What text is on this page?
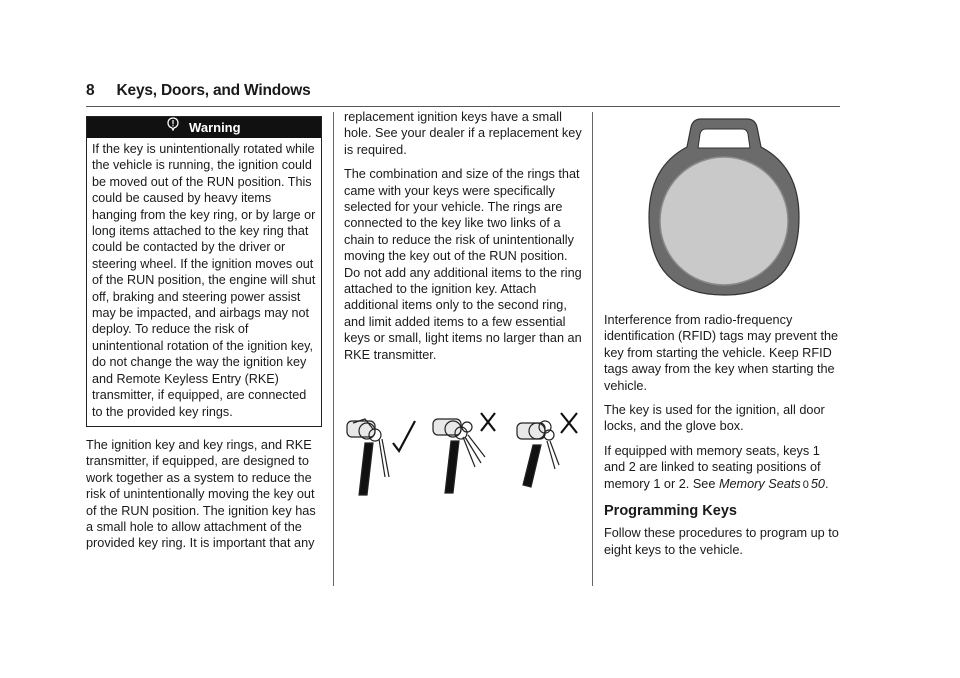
8 Keys, Doors, and Windows
Warning
If the key is unintentionally rotated while the vehicle is running, the ignition could be moved out of the RUN position. This could be caused by heavy items hanging from the key ring, or by large or long items attached to the key ring that could be contacted by the driver or steering wheel. If the ignition moves out of the RUN position, the engine will shut off, braking and steering power assist may be impacted, and airbags may not deploy. To reduce the risk of unintentional rotation of the ignition key, do not change the way the ignition key and Remote Keyless Entry (RKE) transmitter, if equipped, are connected to the provided key rings.

The ignition key and key rings, and RKE transmitter, if equipped, are designed to work together as a system to reduce the risk of unintentionally moving the key out of the RUN position. The ignition key has a small hole to allow attachment of the provided key ring. It is important that any

replacement ignition keys have a small hole. See your dealer if a replacement key is required.

The combination and size of the rings that came with your keys were specifically selected for your vehicle. The rings are connected to the key like two links of a chain to reduce the risk of unintentionally moving the key out of the RUN position. Do not add any additional items to the ring attached to the ignition key. Attach additional items only to the second ring, and limit added items to a few essential keys or small, light items no larger than an RKE transmitter.

Interference from radio-frequency identification (RFID) tags may prevent the key from starting the vehicle. Keep RFID tags away from the key when starting the vehicle.

The key is used for the ignition, all door locks, and the glove box.

If equipped with memory seats, keys 1 and 2 are linked to seating positions of memory 1 or 2. See Memory Seats 0 50.

Programming Keys

Follow these procedures to program up to eight keys to the vehicle.
